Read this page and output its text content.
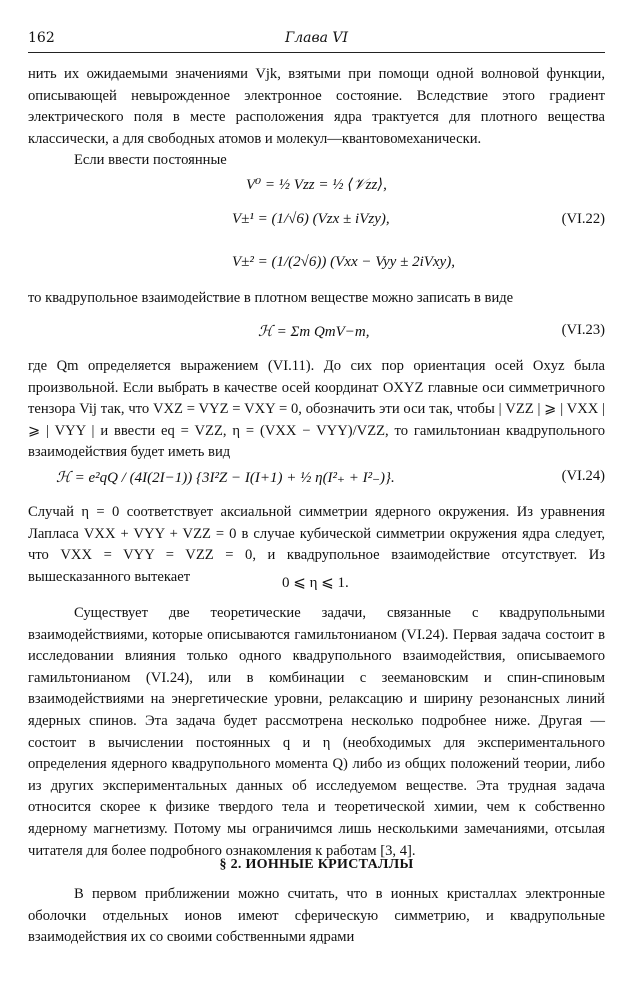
162	Глава VI
нить их ожидаемыми значениями Vjk, взятыми при помощи одной волновой функции, описывающей невырожденное электронное состояние. Вследствие этого градиент электрического поля в месте расположения ядра трактуется для плотного вещества классически, а для свободных атомов и молекул—квантовомеханически.
Если ввести постоянные
V⁰ = ½ Vzz = ½ ⟨𝒱zz⟩,
V±¹ = (1/√6) (Vzx ± iVzy),	(VI.22)
V±² = (1/(2√6)) (Vxx − Vyy ± 2iVxy),
то квадрупольное взаимодействие в плотном веществе можно записать в виде
ℋ = Σm QmV−m,	(VI.23)
где Qm определяется выражением (VI.11). До сих пор ориентация осей Oxyz была произвольной. Если выбрать в качестве осей координат OXYZ главные оси симметричного тензора Vij так, что VXZ = VYZ = VXY = 0, обозначить эти оси так, чтобы | VZZ | ⩾ | VXX | ⩾ | VYY | и ввести eq = VZZ, η = (VXX − VYY)/VZZ, то гамильтониан квадрупольного взаимодействия будет иметь вид
ℋ = e²qQ / (4I(2I−1)) {3I²Z − I(I+1) + ½ η(I²₊ + I²₋)}.	(VI.24)
Случай η = 0 соответствует аксиальной симметрии ядерного окружения. Из уравнения Лапласа VXX + VYY + VZZ = 0 в случае кубической симметрии окружения ядра следует, что VXX = VYY = VZZ = 0, и квадрупольное взаимодействие отсутствует. Из вышесказанного вытекает	0 ⩽ η ⩽ 1.
Существует две теоретические задачи, связанные с квадрупольными взаимодействиями, которые описываются гамильтонианом (VI.24). Первая задача состоит в исследовании влияния только одного квадрупольного взаимодействия, описываемого гамильтонианом (VI.24), или в комбинации с зеемановским и спин-спиновым взаимодействиями на энергетические уровни, релаксацию и ширину резонансных линий ядерных спинов. Эта задача будет рассмотрена несколько подробнее ниже. Другая — состоит в вычислении постоянных q и η (необходимых для экспериментального определения ядерного квадрупольного момента Q) либо из общих положений теории, либо из других экспериментальных данных об исследуемом веществе. Эта трудная задача относится скорее к физике твердого тела и теоретической химии, чем к собственно ядерному магнетизму. Потому мы ограничимся лишь несколькими замечаниями, отсылая читателя для более подробного ознакомления к работам [3, 4].
§ 2. ИОННЫЕ КРИСТАЛЛЫ
В первом приближении можно считать, что в ионных кристаллах электронные оболочки отдельных ионов имеют сферическую симметрию, и квадрупольные взаимодействия их со своими собственными ядрами
